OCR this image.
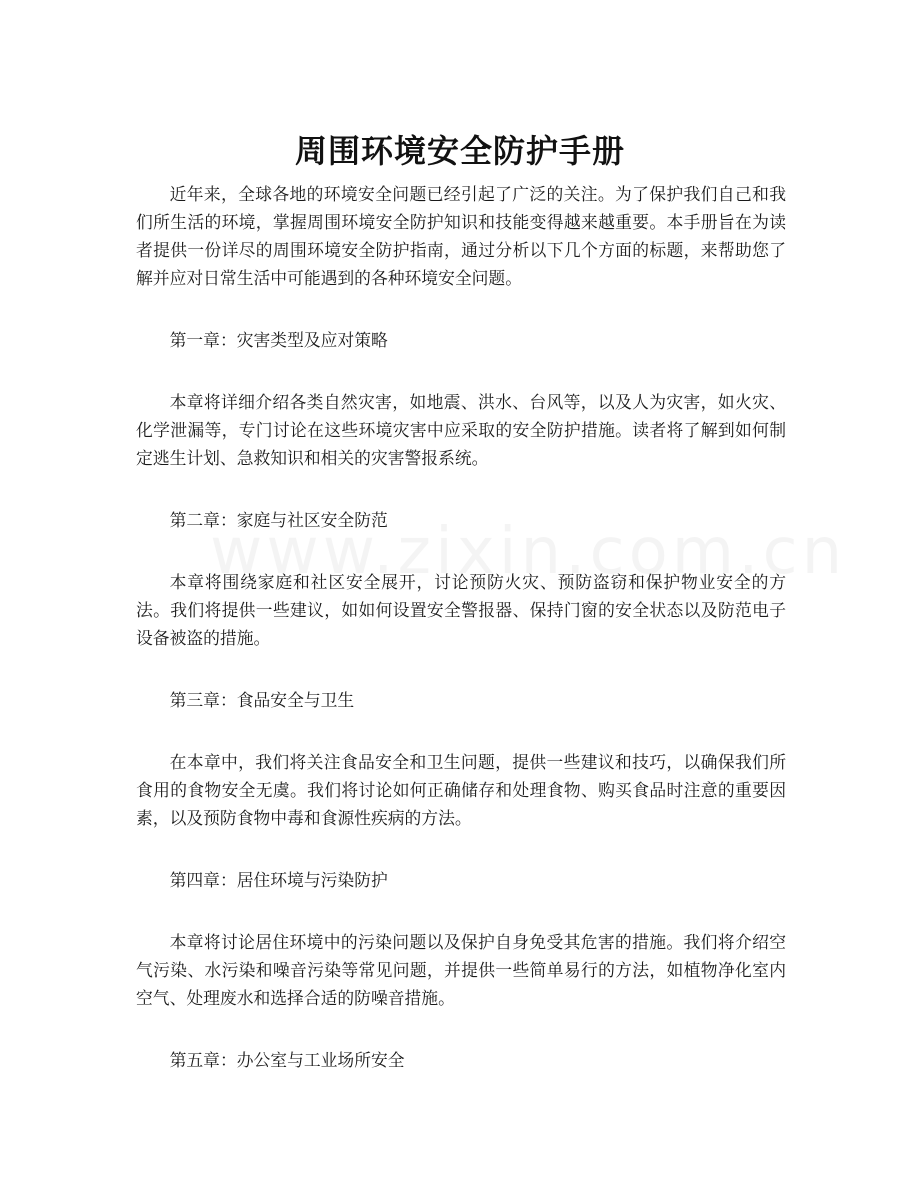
周围环境安全防护手册

近年来，全球各地的环境安全问题已经引起了广泛的关注。为了保护我们自己和我们所生活的环境，掌握周围环境安全防护知识和技能变得越来越重要。本手册旨在为读者提供一份详尽的周围环境安全防护指南，通过分析以下几个方面的标题，来帮助您了解并应对日常生活中可能遇到的各种环境安全问题。

第一章：灾害类型及应对策略

本章将详细介绍各类自然灾害，如地震、洪水、台风等，以及人为灾害，如火灾、化学泄漏等，专门讨论在这些环境灾害中应采取的安全防护措施。读者将了解到如何制定逃生计划、急救知识和相关的灾害警报系统。

第二章：家庭与社区安全防范

本章将围绕家庭和社区安全展开，讨论预防火灾、预防盗窃和保护物业安全的方法。我们将提供一些建议，如如何设置安全警报器、保持门窗的安全状态以及防范电子设备被盗的措施。

第三章：食品安全与卫生

在本章中，我们将关注食品安全和卫生问题，提供一些建议和技巧，以确保我们所食用的食物安全无虞。我们将讨论如何正确储存和处理食物、购买食品时注意的重要因素，以及预防食物中毒和食源性疾病的方法。

第四章：居住环境与污染防护

本章将讨论居住环境中的污染问题以及保护自身免受其危害的措施。我们将介绍空气污染、水污染和噪音污染等常见问题，并提供一些简单易行的方法，如植物净化室内空气、处理废水和选择合适的防噪音措施。

第五章：办公室与工业场所安全
